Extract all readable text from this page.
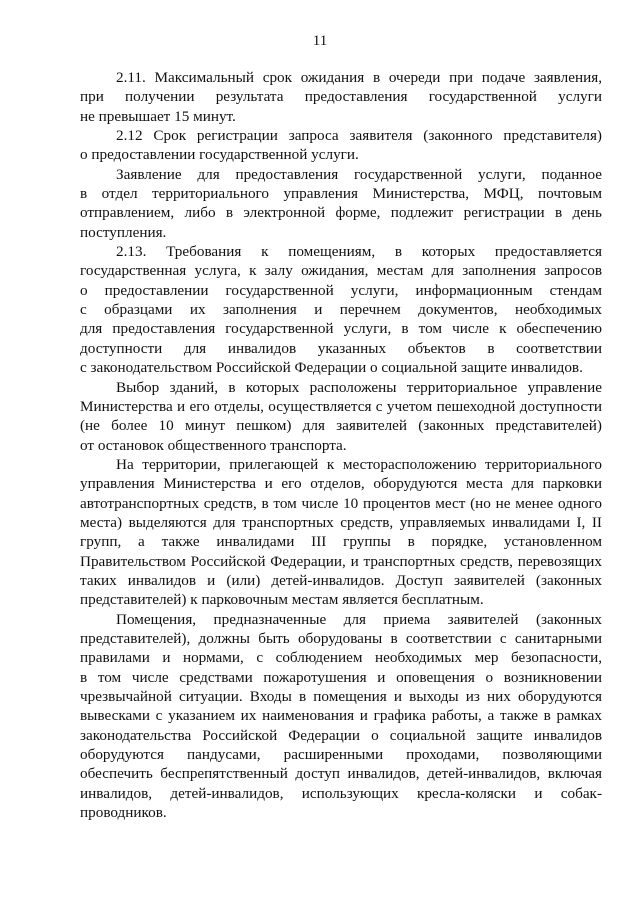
11
2.11. Максимальный срок ожидания в очереди при подаче заявления,
при получении результата предоставления государственной услуги
не превышает 15 минут.
2.12 Срок регистрации запроса заявителя (законного представителя)
о предоставлении государственной услуги.
Заявление для предоставления государственной услуги, поданное
в отдел территориального управления Министерства, МФЦ, почтовым
отправлением, либо в электронной форме, подлежит регистрации в день
поступления.
2.13. Требования к помещениям, в которых предоставляется
государственная услуга, к залу ожидания, местам для заполнения запросов
о предоставлении государственной услуги, информационным стендам
с образцами их заполнения и перечнем документов, необходимых
для предоставления государственной услуги, в том числе к обеспечению
доступности для инвалидов указанных объектов в соответствии
с законодательством Российской Федерации о социальной защите инвалидов.
Выбор зданий, в которых расположены территориальное управление
Министерства и его отделы, осуществляется с учетом пешеходной доступности
(не более 10 минут пешком) для заявителей (законных представителей)
от остановок общественного транспорта.
На территории, прилегающей к месторасположению территориального
управления Министерства и его отделов, оборудуются места для парковки
автотранспортных средств, в том числе 10 процентов мест (но не менее одного
места) выделяются для транспортных средств, управляемых инвалидами I, II
групп, а также инвалидами III группы в порядке, установленном
Правительством Российской Федерации, и транспортных средств, перевозящих
таких инвалидов и (или) детей-инвалидов. Доступ заявителей (законных
представителей) к парковочным местам является бесплатным.
Помещения, предназначенные для приема заявителей (законных
представителей), должны быть оборудованы в соответствии с санитарными
правилами и нормами, с соблюдением необходимых мер безопасности,
в том числе средствами пожаротушения и оповещения о возникновении
чрезвычайной ситуации. Входы в помещения и выходы из них оборудуются
вывесками с указанием их наименования и графика работы, а также в рамках
законодательства Российской Федерации о социальной защите инвалидов
оборудуются пандусами, расширенными проходами, позволяющими
обеспечить беспрепятственный доступ инвалидов, детей-инвалидов, включая
инвалидов, детей-инвалидов, использующих кресла-коляски и собак-
проводников.
